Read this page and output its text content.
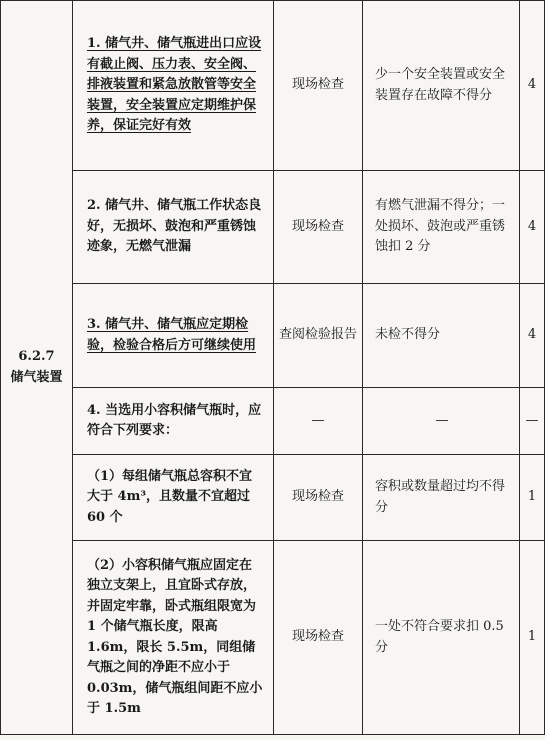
6.2.7
储气装置	1. 储气井、储气瓶进出口应设有截止阀、压力表、安全阀、排液装置和紧急放散管等安全装置，安全装置应定期维护保养，保证完好有效	现场检查	少一个安全装置或安全装置存在故障不得分	4

	2. 储气井、储气瓶工作状态良好，无损坏、鼓泡和严重锈蚀迹象，无燃气泄漏	现场检查	有燃气泄漏不得分；一处损坏、鼓泡或严重锈蚀扣 2 分	4

	3. 储气井、储气瓶应定期检验，检验合格后方可继续使用	查阅检验报告	未检不得分	4

	4. 当选用小容积储气瓶时，应符合下列要求：	—	—	—

	（1）每组储气瓶总容积不宜大于 4m³，且数量不宜超过 60 个	现场检查	容积或数量超过均不得分	1

	（2）小容积储气瓶应固定在独立支架上，且宜卧式存放，并固定牢靠，卧式瓶组限宽为 1 个储气瓶长度，限高 1.6m，限长 5.5m，同组储气瓶之间的净距不应小于 0.03m，储气瓶组间距不应小于 1.5m	现场检查	一处不符合要求扣 0.5 分	1
